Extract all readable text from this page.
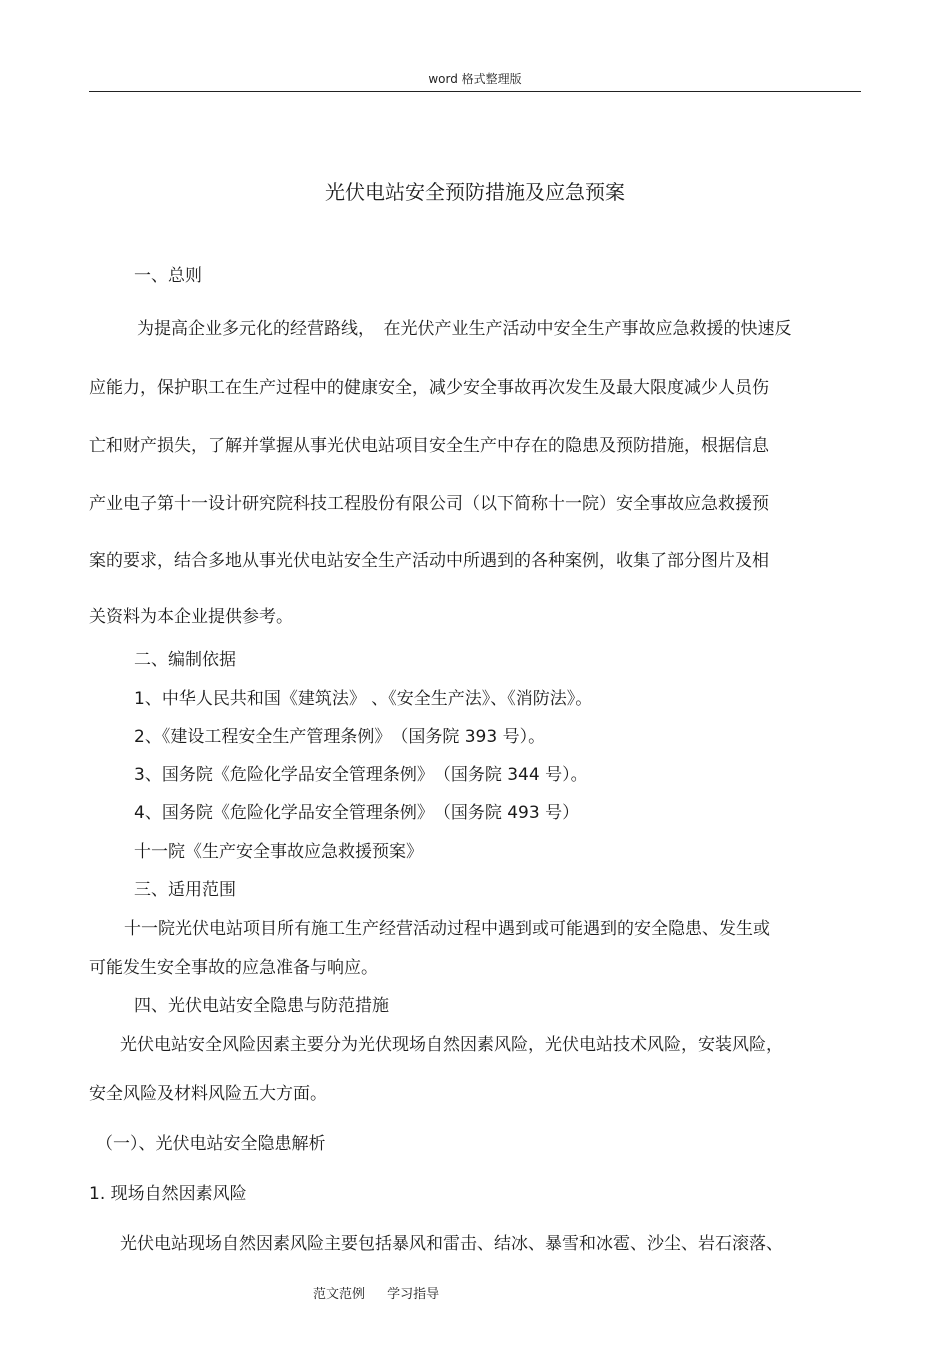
word 格式整理版
光伏电站安全预防措施及应急预案
一、总则
为提高企业多元化的经营路线，　在光伏产业生产活动中安全生产事故应急救援的快速反
应能力，保护职工在生产过程中的健康安全，减少安全事故再次发生及最大限度减少人员伤
亡和财产损失，了解并掌握从事光伏电站项目安全生产中存在的隐患及预防措施，根据信息
产业电子第十一设计研究院科技工程股份有限公司（以下简称十一院）安全事故应急救援预
案的要求，结合多地从事光伏电站安全生产活动中所遇到的各种案例，收集了部分图片及相
关资料为本企业提供参考。
二、编制依据
1、中华人民共和国《建筑法》 、《安全生产法》、《消防法》。
2、《建设工程安全生产管理条例》　（国务院 393 号）。
3、国务院《危险化学品安全管理条例》　（国务院 344 号）。
4、国务院《危险化学品安全管理条例》　（国务院 493 号）
十一院《生产安全事故应急救援预案》
三、适用范围
十一院光伏电站项目所有施工生产经营活动过程中遇到或可能遇到的安全隐患、发生或
可能发生安全事故的应急准备与响应。
四、光伏电站安全隐患与防范措施
光伏电站安全风险因素主要分为光伏现场自然因素风险，光伏电站技术风险，安装风险，
安全风险及材料风险五大方面。
（一）、光伏电站安全隐患解析
1. 现场自然因素风险
光伏电站现场自然因素风险主要包括暴风和雷击、结冰、暴雪和冰雹、沙尘、岩石滚落、
范文范例 学习指导
